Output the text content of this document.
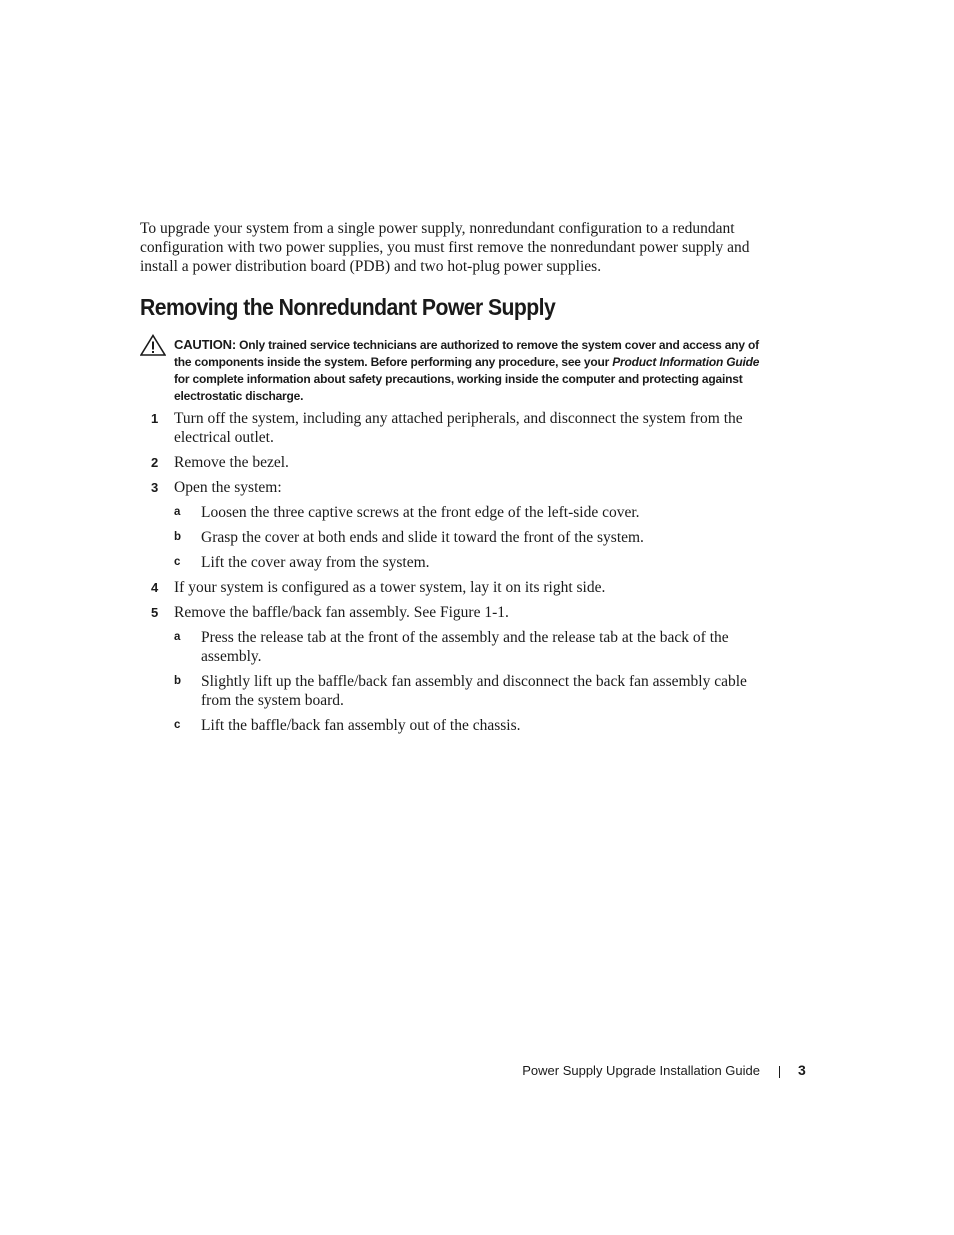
To upgrade your system from a single power supply, nonredundant configuration to a redundant configuration with two power supplies, you must first remove the nonredundant power supply and install a power distribution board (PDB) and two hot-plug power supplies.

Removing the Nonredundant Power Supply
CAUTION: Only trained service technicians are authorized to remove the system cover and access any of the components inside the system. Before performing any procedure, see your Product Information Guide for complete information about safety precautions, working inside the computer and protecting against electrostatic discharge.
1 Turn off the system, including any attached peripherals, and disconnect the system from the electrical outlet.
2 Remove the bezel.
3 Open the system:
a Loosen the three captive screws at the front edge of the left-side cover.
b Grasp the cover at both ends and slide it toward the front of the system.
c Lift the cover away from the system.
4 If your system is configured as a tower system, lay it on its right side.
5 Remove the baffle/back fan assembly. See Figure 1-1.
a Press the release tab at the front of the assembly and the release tab at the back of the assembly.
b Slightly lift up the baffle/back fan assembly and disconnect the back fan assembly cable from the system board.
c Lift the baffle/back fan assembly out of the chassis.
Power Supply Upgrade Installation Guide	3
